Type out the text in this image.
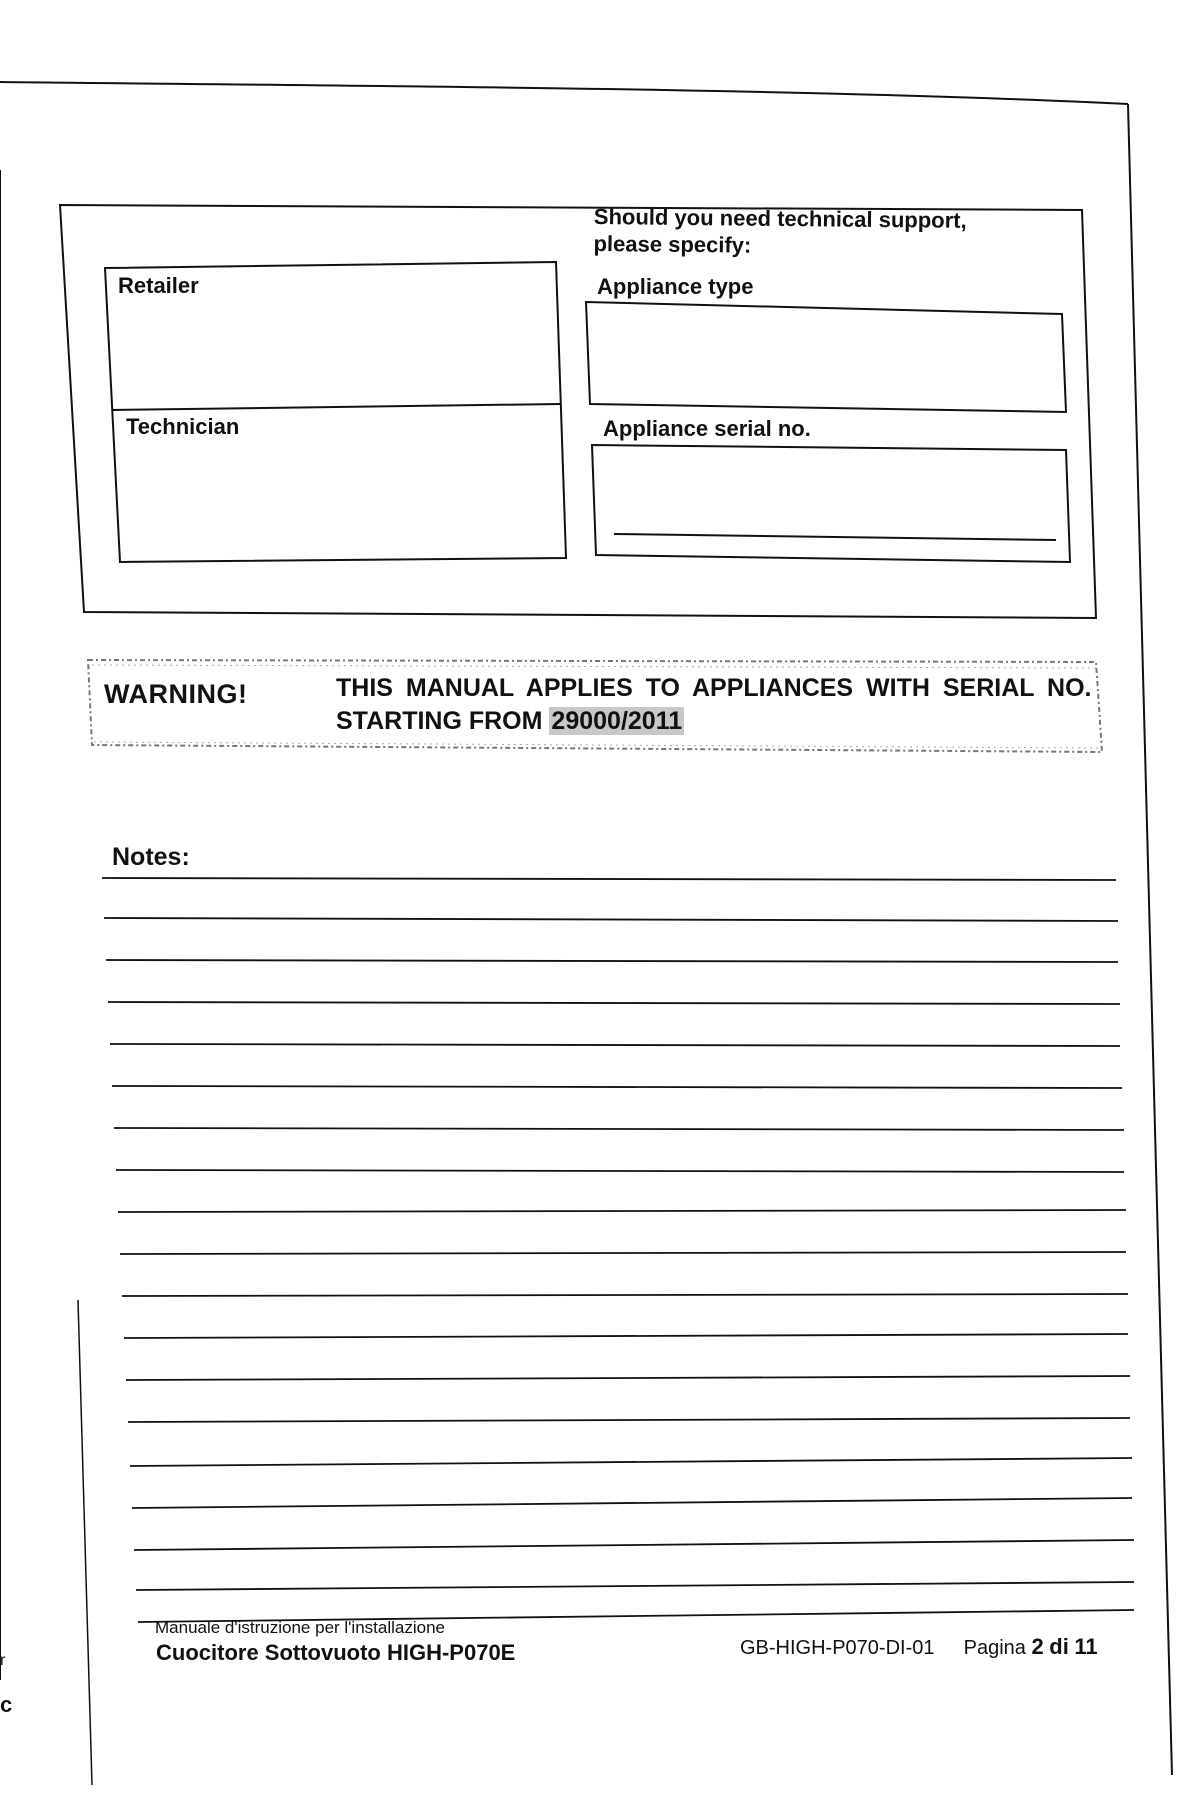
Should you need technical support, please specify:
Retailer
Technician
Appliance type
Appliance serial no.
WARNING!	THIS MANUAL APPLIES TO APPLIANCES WITH SERIAL NO.
STARTING FROM 29000/2011
Notes:
Manuale d'istruzione per l'installazione
Cuocitore Sottovuoto HIGH-P070E	GB-HIGH-P070-DI-01 Pagina 2 di 11
r
c
